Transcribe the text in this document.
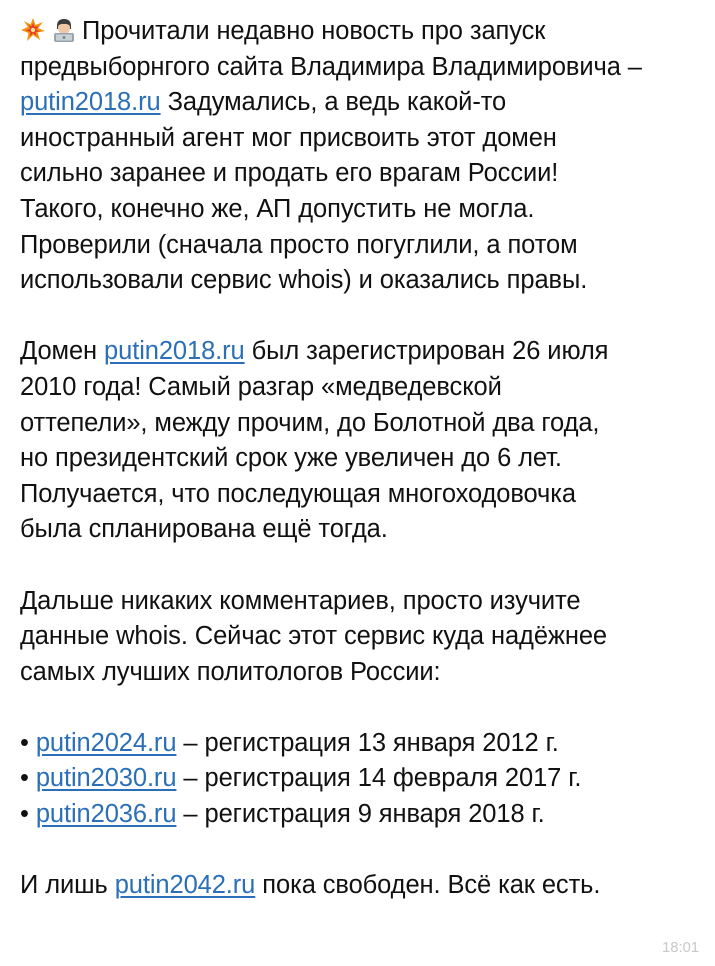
Прочитали недавно новость про запуск
предвыборнгого сайта Владимира Владимировича –
putin2018.ru Задумались, а ведь какой-то
иностранный агент мог присвоить этот домен
сильно заранее и продать его врагам России!
Такого, конечно же, АП допустить не могла.
Проверили (сначала просто погуглили, а потом
использовали сервис whois) и оказались правы.
Домен putin2018.ru был зарегистрирован 26 июля
2010 года! Самый разгар «медведевской
оттепели», между прочим, до Болотной два года,
но президентский срок уже увеличен до 6 лет.
Получается, что последующая многоходовочка
была спланирована ещё тогда.
Дальше никаких комментариев, просто изучите
данные whois. Сейчас этот сервис куда надёжнее
самых лучших политологов России:
• putin2024.ru – регистрация 13 января 2012 г.
• putin2030.ru – регистрация 14 февраля 2017 г.
• putin2036.ru – регистрация 9 января 2018 г.
И лишь putin2042.ru пока свободен. Всё как есть.
18:01
